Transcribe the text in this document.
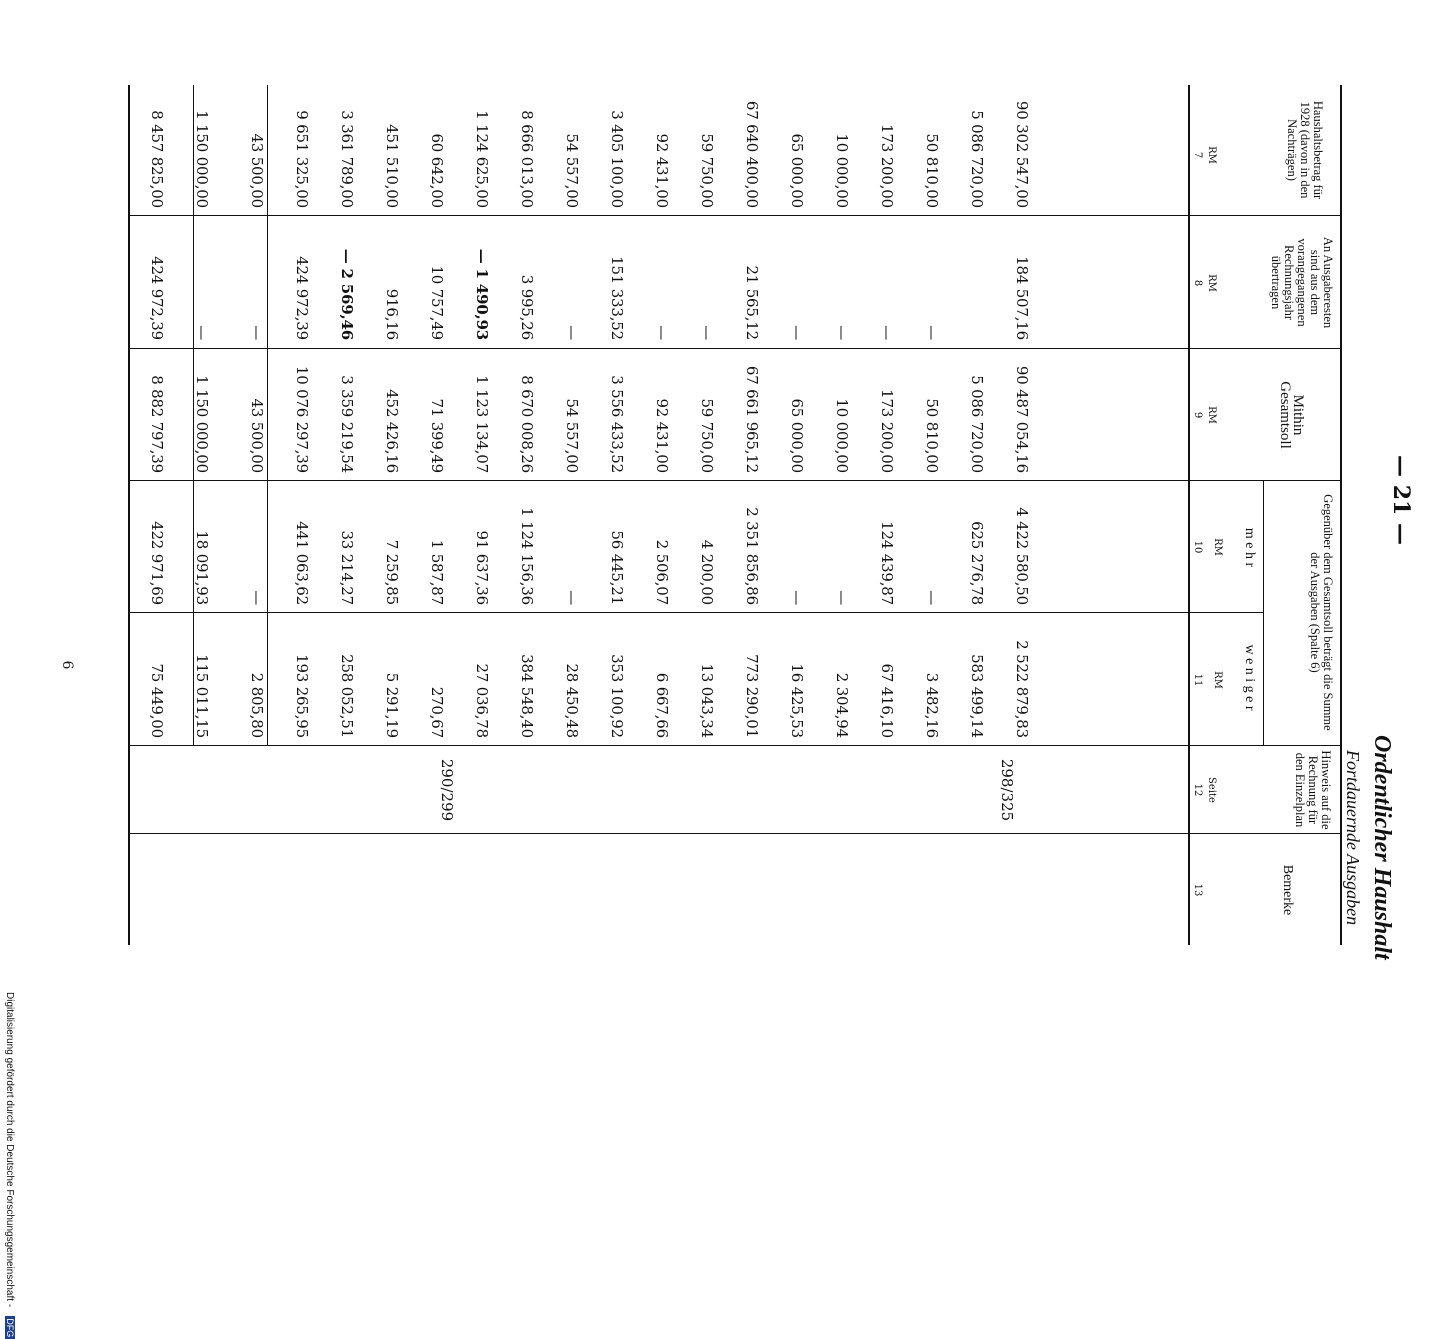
— 21 —
Ordentlicher Haushalt
Fortdauernde Ausgaben
Haushaltsbetrag für 1928 (davon in den Nachträgen)
An Ausgaberesten sind aus dem vorangegangenen Rechnungsjahr übertragen
Mithin Gesamtsoll
Gegenüber dem Gesamtsoll beträgt die Summe der Ausgaben (Spalte 6)
m e h r
w e n i g e r
Hinweis auf die Rechnung für den Einzelplan
Bemerke
RM
RM
RM
RM
RM
Seite
7
8
9
10
11
12
13
290/299	298/325
6
8 457 825,00
424 972,39
8 882 797,39
422 971,69
75 449,00
1 150 000,00
—
1 150 000,00
18 091,93
115 011,15
43 500,00
—
43 500,00
—
2 805,80
9 651 325,00
424 972,39
10 076 297,39
441 063,62
193 265,95
3 361 789,00
— 2 569,46
3 359 219,54
33 214,27
258 052,51
451 510,00
916,16
452 426,16
7 259,85
5 291,19
60 642,00
10 757,49
71 399,49
1 587,87
270,67
1 124 625,00
— 1 490,93
1 123 134,07
91 637,36
27 036,78
8 666 013,00
3 995,26
8 670 008,26
1 124 156,36
384 548,40
54 557,00
—
54 557,00
—
28 450,48
3 405 100,00
151 333,52
3 556 433,52
56 445,21
353 100,92
92 431,00
—
92 431,00
2 506,07
6 667,66
59 750,00
—
59 750,00
4 200,00
13 043,34
67 640 400,00
21 565,12
67 661 965,12
2 351 856,86
773 290,01
65 000,00
—
65 000,00
—
16 425,53
10 000,00
—
10 000,00
—
2 304,94
173 200,00
—
173 200,00
124 439,87
67 416,10
50 810,00
—
50 810,00
—
3 482,16
5 086 720,00
5 086 720,00
625 276,78
583 499,14
90 302 547,00
184 507,16
90 487 054,16
4 422 580,50
2 522 879,83
Digitalisierung gefördert durch die Deutsche Forschungsgemeinschaft - DFG
